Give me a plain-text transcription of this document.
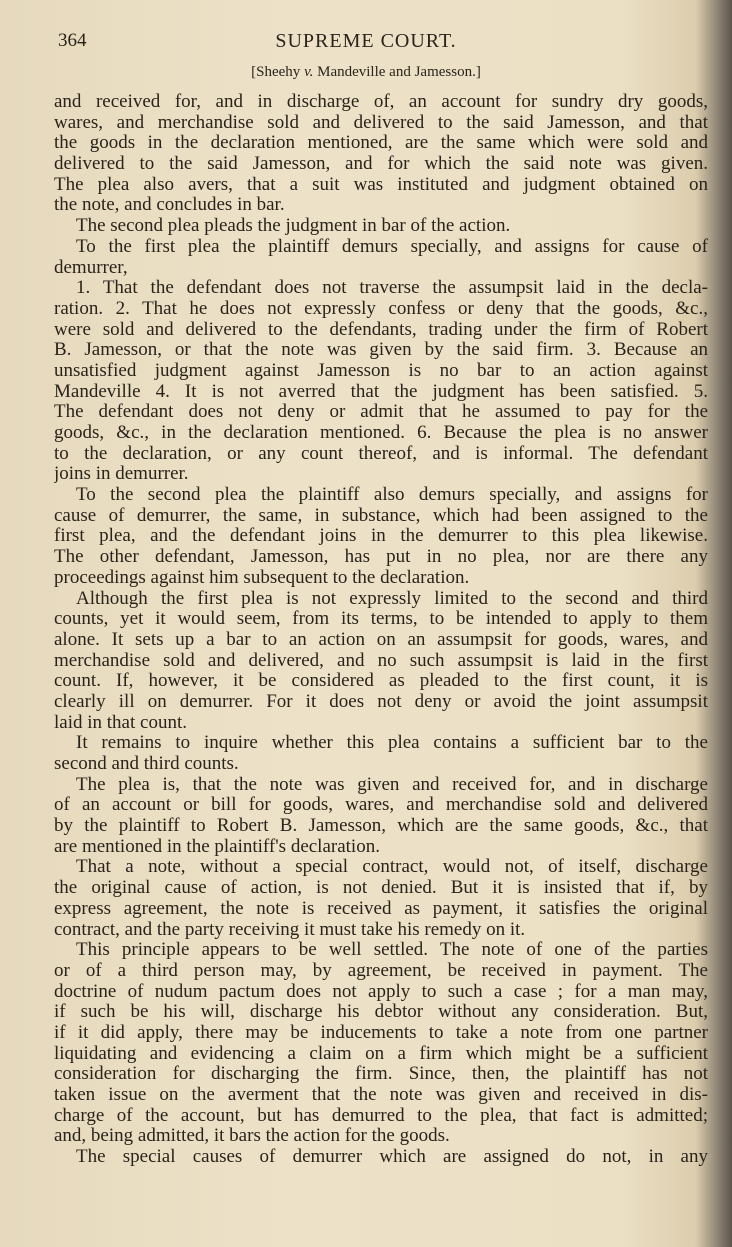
364	SUPREME COURT.
[Sheehy v. Mandeville and Jamesson.]
and received for, and in discharge of, an account for sundry dry goods,
wares, and merchandise sold and delivered to the said Jamesson, and that
the goods in the declaration mentioned, are the same which were sold and
delivered to the said Jamesson, and for which the said note was given.
The plea also avers, that a suit was instituted and judgment obtained on
the note, and concludes in bar.
The second plea pleads the judgment in bar of the action.
To the first plea the plaintiff demurs specially, and assigns for cause of
demurrer,
1. That the defendant does not traverse the assumpsit laid in the decla-
ration. 2. That he does not expressly confess or deny that the goods, &c.,
were sold and delivered to the defendants, trading under the firm of Robert
B. Jamesson, or that the note was given by the said firm. 3. Because an
unsatisfied judgment against Jamesson is no bar to an action against
Mandeville 4. It is not averred that the judgment has been satisfied. 5.
The defendant does not deny or admit that he assumed to pay for the
goods, &c., in the declaration mentioned. 6. Because the plea is no answer
to the declaration, or any count thereof, and is informal. The defendant
joins in demurrer.
To the second plea the plaintiff also demurs specially, and assigns for
cause of demurrer, the same, in substance, which had been assigned to the
first plea, and the defendant joins in the demurrer to this plea likewise.
The other defendant, Jamesson, has put in no plea, nor are there any
proceedings against him subsequent to the declaration.
Although the first plea is not expressly limited to the second and third
counts, yet it would seem, from its terms, to be intended to apply to them
alone. It sets up a bar to an action on an assumpsit for goods, wares, and
merchandise sold and delivered, and no such assumpsit is laid in the first
count. If, however, it be considered as pleaded to the first count, it is
clearly ill on demurrer. For it does not deny or avoid the joint assumpsit
laid in that count.
It remains to inquire whether this plea contains a sufficient bar to the
second and third counts.
The plea is, that the note was given and received for, and in discharge
of an account or bill for goods, wares, and merchandise sold and delivered
by the plaintiff to Robert B. Jamesson, which are the same goods, &c., that
are mentioned in the plaintiff's declaration.
That a note, without a special contract, would not, of itself, discharge
the original cause of action, is not denied. But it is insisted that if, by
express agreement, the note is received as payment, it satisfies the original
contract, and the party receiving it must take his remedy on it.
This principle appears to be well settled. The note of one of the parties
or of a third person may, by agreement, be received in payment. The
doctrine of nudum pactum does not apply to such a case ; for a man may,
if such be his will, discharge his debtor without any consideration. But,
if it did apply, there may be inducements to take a note from one partner
liquidating and evidencing a claim on a firm which might be a sufficient
consideration for discharging the firm. Since, then, the plaintiff has not
taken issue on the averment that the note was given and received in dis-
charge of the account, but has demurred to the plea, that fact is admitted;
and, being admitted, it bars the action for the goods.
The special causes of demurrer which are assigned do not, in any
